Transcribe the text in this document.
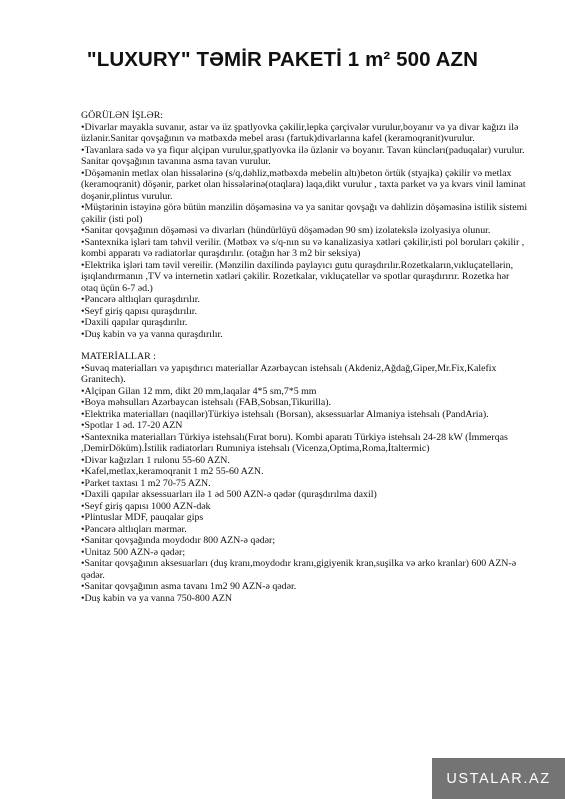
"LUXURY" TƏMİR PAKETİ 1 m² 500 AZN

GÖRÜLƏN İŞLƏR:

•Divarlar mayakla suvanır, astar və üz şpatlyovka çəkilir,lepka çərçivələr vurulur,boyanır və ya divar kağızı ilə üzlənir.Sanitar qovşağının və mətbəxdə mebel arası (fartuk)divarlarına kafel (keramoqranit)vurulur.
•Tavanlara sadə və ya fiqur alçipan vurulur,şpatlyovka ilə üzlənir və boyanır. Tavan künclərı(paduqalar) vurulur. Sanitar qovşağının tavanına asma tavan vurulur.
•Döşəmənin metlax olan hissələrinə (s/q,dəhliz,mətbəxdə mebelin altı)beton örtük (styajka) çəkilir və metlax (keramoqranit) döşənir, parket olan hissələrinə(otaqlara) laqa,dikt vurulur , taxta parket və ya kvars vinil laminat doşənir,plintus vurulur.
•Müştərinin istəyinə görə bütün mənzilin döşəməsinə və ya sanitar qovşağı və dəhlizin döşəməsinə istilik sistemi çəkilir (isti pol)
•Sanitar qovşağının döşəməsi və divarları (hündürlüyü döşəmədən 90 sm) izolatekslə izolyasiya olunur.
•Santexnika işləri tam təhvil verilir. (Mətbəx və s/q-nın su və kanalizasiya xətləri çəkilir,isti pol boruları çəkilir , kombi apparatı və radiatorlar quraşdırılır. (otağın hər 3 m2 bir seksiya)
•Elektrika işləri tam təvil vereilir. (Mənzilin daxilində paylayıcı gutu quraşdırılır.Rozetkaların,vıkluçatellərin, işıqlandırmanın ,TV və internetin xətləri çəkilir. Rozetkalar, vıkluçatellər və spotlar quraşdırırır. Rozetka hər otaq üçün 6-7 əd.)
•Pəncərə altlıqları quraşdırılır.
•Seyf giriş qapısı quraşdırılır.
•Daxili qapılar quraşdırılır.
•Duş kabin və ya vanna quraşdırılır.

MATERİALLAR :

•Suvaq materialları və yapışdırıcı materiallar Azərbaycan istehsalı (Akdeniz,Ağdağ,Giper,Mr.Fix,Kalefix Granitech).
•Alçipan Gilan 12 mm, dikt 20 mm,laqalar 4*5 sm,7*5 mm
•Boya məhsulları Azərbaycan istehsalı (FAB,Sobsan,Tikurilla).
•Elektrika materialları (naqillər)Türkiyə istehsalı (Borsan), aksessuarlar Almaniya istehsalı (PandAria).
•Spotlar 1 əd. 17-20 AZN
•Santexnika materialları Türkiyə istehsalı(Fırat boru). Kombi aparatı Türkiyə istehsalı 24-28 kW (İmmerqas ,DemirDöküm).İstilik radiatorları Rumıniya istehsalı (Vicenza,Optima,Roma,İtaltermic)
•Divar kağızları 1 rulonu 55-60 AZN.
•Kafel,metlax,keramoqranit 1 m2 55-60 AZN.
•Parket taxtası 1 m2 70-75 AZN.
•Daxili qapılar aksessuarları ilə 1 əd 500 AZN-ə qədər (quraşdırılma daxil)
•Seyf giriş qapısı 1000 AZN-dək
•Plintuslar MDF, pauqalar gips
•Pəncərə altlıqları mərmər.
•Sanitar qovşağında moydodır 800 AZN-ə qədər;
•Unitaz 500 AZN-ə qədər;
•Sanitar qovşağının aksesuarları (duş kranı,moydodır kranı,gigiyenik kran,suşilka və arko kranlar) 600 AZN-ə qədər.
•Sanitar qovşağının asma tavanı 1m2 90 AZN-ə qədər.
•Duş kabin və ya vanna 750-800 AZN
USTALAR.AZ
